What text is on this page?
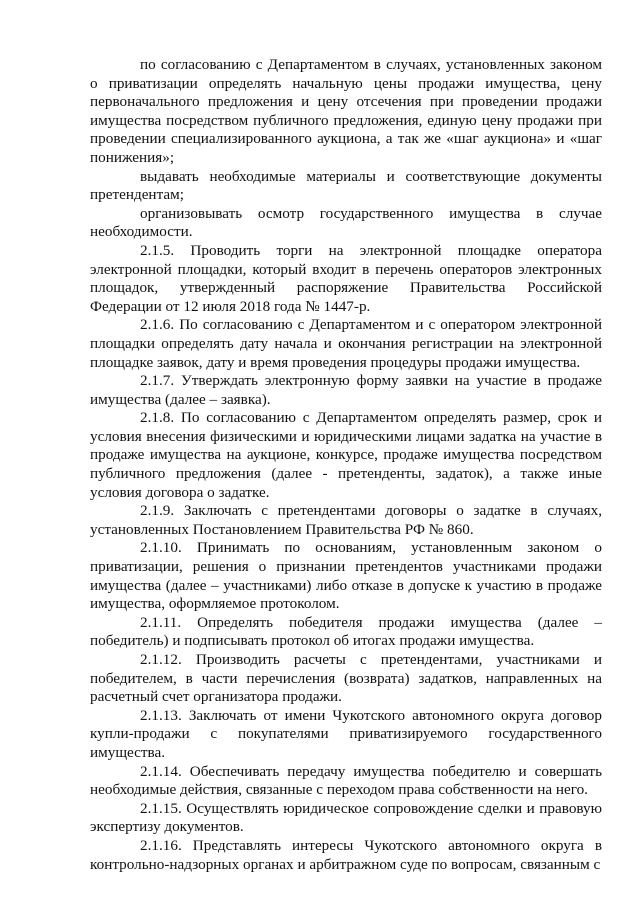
по согласованию с Департаментом в случаях, установленных законом о приватизации определять начальную цены продажи имущества, цену первоначального предложения и цену отсечения при проведении продажи имущества посредством публичного предложения, единую цену продажи при проведении специализированного аукциона, а так же «шаг аукциона» и «шаг понижения»;

выдавать необходимые материалы и соответствующие документы претендентам;

организовывать осмотр государственного имущества в случае необходимости.

2.1.5. Проводить торги на электронной площадке оператора электронной площадки, который входит в перечень операторов электронных площадок, утвержденный распоряжение Правительства Российской Федерации от 12 июля 2018 года № 1447-р.

2.1.6. По согласованию с Департаментом и с оператором электронной площадки определять дату начала и окончания регистрации на электронной площадке заявок, дату и время проведения процедуры продажи имущества.

2.1.7. Утверждать электронную форму заявки на участие в продаже имущества (далее – заявка).

2.1.8. По согласованию с Департаментом определять размер, срок и условия внесения физическими и юридическими лицами задатка на участие в продаже имущества на аукционе, конкурсе, продаже имущества посредством публичного предложения (далее - претенденты, задаток), а также иные условия договора о задатке.

2.1.9. Заключать с претендентами договоры о задатке в случаях, установленных Постановлением Правительства РФ № 860.

2.1.10. Принимать по основаниям, установленным законом о приватизации, решения о признании претендентов участниками продажи имущества (далее – участниками) либо отказе в допуске к участию в продаже имущества, оформляемое протоколом.

2.1.11. Определять победителя продажи имущества (далее – победитель) и подписывать протокол об итогах продажи имущества.

2.1.12. Производить расчеты с претендентами, участниками и победителем, в части перечисления (возврата) задатков, направленных на расчетный счет организатора продажи.

2.1.13. Заключать от имени Чукотского автономного округа договор купли-продажи с покупателями приватизируемого государственного имущества.

2.1.14. Обеспечивать передачу имущества победителю и совершать необходимые действия, связанные с переходом права собственности на него.

2.1.15. Осуществлять юридическое сопровождение сделки и правовую экспертизу документов.

2.1.16. Представлять интересы Чукотского автономного округа в контрольно-надзорных органах и арбитражном суде по вопросам, связанным с
